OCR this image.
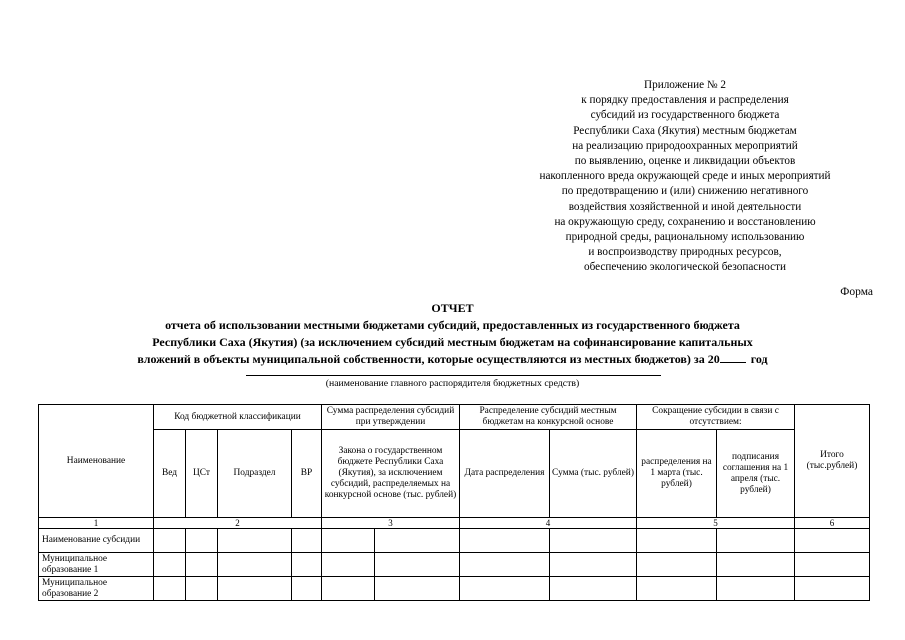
Приложение № 2
к порядку предоставления и распределения
субсидий из государственного бюджета
Республики Саха (Якутия) местным бюджетам
на реализацию природоохранных мероприятий
по выявлению, оценке и ликвидации объектов
накопленного вреда окружающей среде и иных мероприятий
по предотвращению и (или) снижению негативного
воздействия хозяйственной и иной деятельности
на окружающую среду, сохранению и восстановлению
природной среды, рациональному использованию
и воспроизводству природных ресурсов,
обеспечению экологической безопасности
Форма
ОТЧЕТ
отчета об использовании местными бюджетами субсидий, предоставленных из государственного бюджета
Республики Саха (Якутия) (за исключением субсидий местным бюджетам на софинансирование капитальных
вложений в объекты муниципальной собственности, которые осуществляются из местных бюджетов) за 20	год
(наименование главного распорядителя бюджетных средств)
Наименование	Код бюджетной классификации				Сумма распределения субсидий при утверждении		Распределение субсидий местным бюджетам на конкурсной основе		Сокращение субсидии в связи с отсутствием:		Итого (тыс.рублей)
	Вед	ЦСт	Подраздел	ВР	Закона о государственном бюджете Республики Саха (Якутия), за исключением субсидий, распределяемых на конкурсной основе (тыс. рублей)		Дата распределения	Сумма (тыс. рублей)	распределения на 1 марта (тыс. рублей)	подписания соглашения на 1 апреля (тыс. рублей)	
1	2				3		4		5		6
Наименование субсидии											
Муниципальное образование 1											
Муниципальное образование 2											
